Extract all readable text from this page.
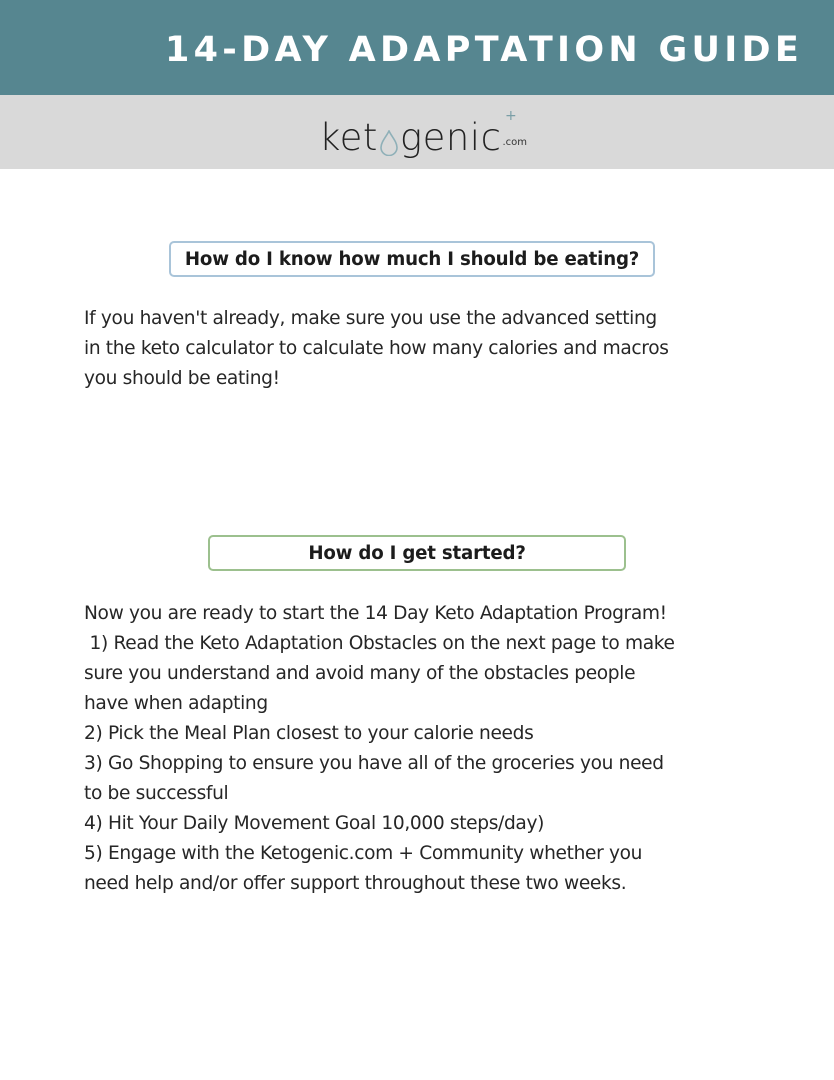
14-DAY ADAPTATION GUIDE
ket genic .com
+
How do I know how much I should be eating?

If you haven't already, make sure you use the advanced setting
in the keto calculator to calculate how many calories and macros
you should be eating!

How do I get started?

Now you are ready to start the 14 Day Keto Adaptation Program!
1) Read the Keto Adaptation Obstacles on the next page to make
sure you understand and avoid many of the obstacles people
have when adapting
2) Pick the Meal Plan closest to your calorie needs
3) Go Shopping to ensure you have all of the groceries you need
to be successful
4) Hit Your Daily Movement Goal 10,000 steps/day)
5) Engage with the Ketogenic.com + Community whether you
need help and/or offer support throughout these two weeks.
